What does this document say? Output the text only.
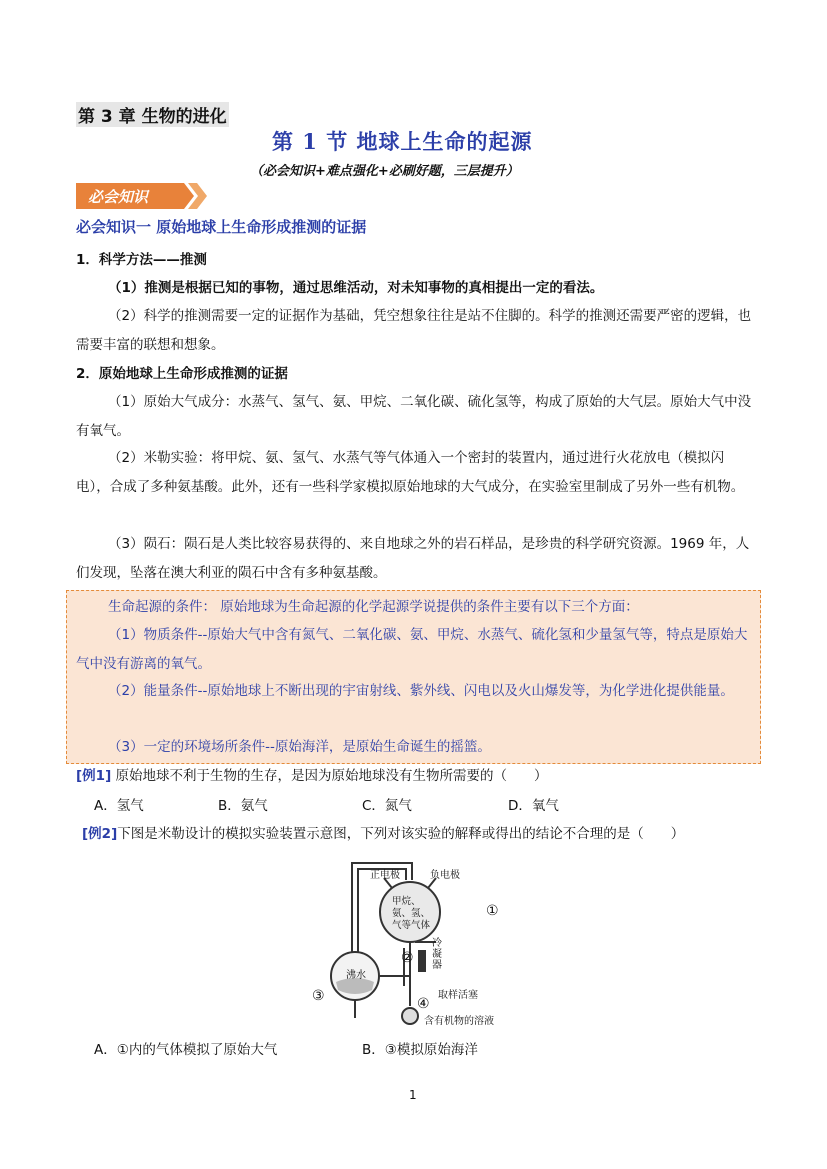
第 3 章 生物的进化
第 1 节 地球上生命的起源
（必会知识+难点强化+必刷好题，三层提升）
必会知识
必会知识一 原始地球上生命形成推测的证据
1．科学方法——推测
（1）推测是根据已知的事物，通过思维活动，对未知事物的真相提出一定的看法。
（2）科学的推测需要一定的证据作为基础，凭空想象往往是站不住脚的。科学的推测还需要严密的逻辑，也需要丰富的联想和想象。
2．原始地球上生命形成推测的证据
（1）原始大气成分：水蒸气、氢气、氨、甲烷、二氧化碳、硫化氢等，构成了原始的大气层。原始大气中没有氧气。
（2）米勒实验：将甲烷、氨、氢气、水蒸气等气体通入一个密封的装置内，通过进行火花放电（模拟闪电），合成了多种氨基酸。此外，还有一些科学家模拟原始地球的大气成分，在实验室里制成了另外一些有机物。
（3）陨石：陨石是人类比较容易获得的、来自地球之外的岩石样品，是珍贵的科学研究资源。1969 年，人们发现，坠落在澳大利亚的陨石中含有多种氨基酸。
生命起源的条件： 原始地球为生命起源的化学起源学说提供的条件主要有以下三个方面：
（1）物质条件--原始大气中含有氮气、二氧化碳、氨、甲烷、水蒸气、硫化氢和少量氢气等，特点是原始大气中没有游离的氧气。
（2）能量条件--原始地球上不断出现的宇宙射线、紫外线、闪电以及火山爆发等，为化学进化提供能量。
（3）一定的环境场所条件--原始海洋，是原始生命诞生的摇篮。
[例1] 原始地球不利于生物的生存，是因为原始地球没有生物所需要的（　　）
A．氢气	B．氨气	C．氮气	D．氧气
[例2]下图是米勒设计的模拟实验装置示意图，下列对该实验的解释或得出的结论不合理的是（　　）
正电极	负电极
甲烷、氨、氢、气等气体
①
②
冷凝器
沸水
③	取样活塞
④
含有机物的溶液
A．①内的气体模拟了原始大气	B．③模拟原始海洋
1
